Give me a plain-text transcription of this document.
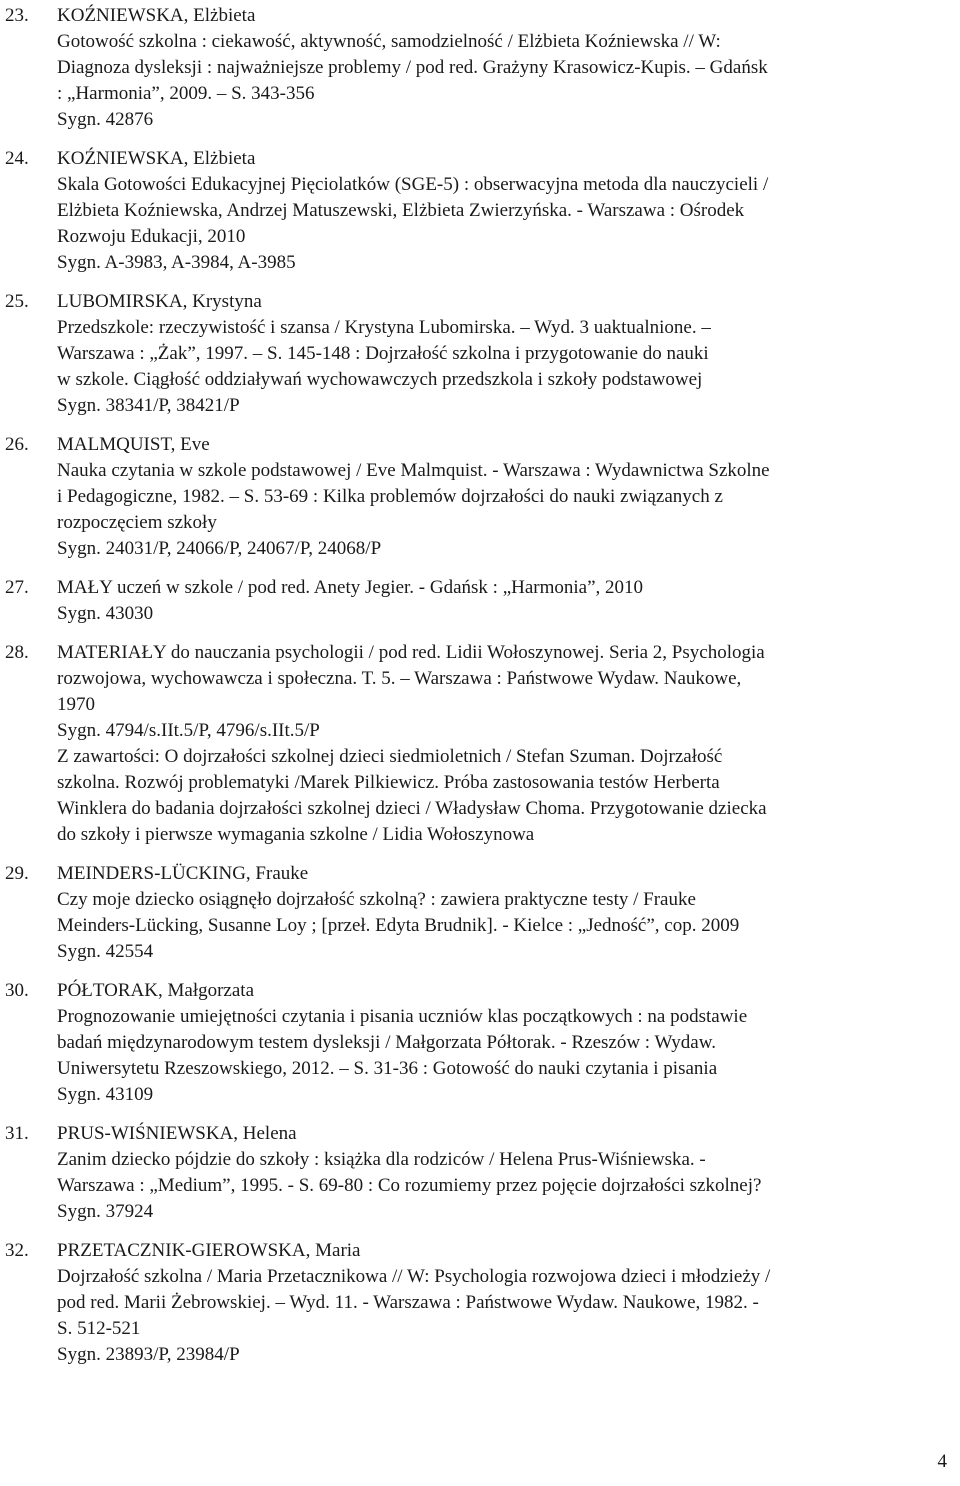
23.	KOŹNIEWSKA, Elżbieta
Gotowość szkolna : ciekawość, aktywność, samodzielność / Elżbieta Koźniewska // W:
Diagnoza dysleksji : najważniejsze problemy / pod red. Grażyny Krasowicz-Kupis. – Gdańsk
: „Harmonia”, 2009. – S. 343-356
Sygn. 42876
24.	KOŹNIEWSKA, Elżbieta
Skala Gotowości Edukacyjnej Pięciolatków (SGE-5) : obserwacyjna metoda dla nauczycieli /
Elżbieta Koźniewska, Andrzej Matuszewski, Elżbieta Zwierzyńska. - Warszawa : Ośrodek
Rozwoju Edukacji, 2010
Sygn. A-3983, A-3984, A-3985
25.	LUBOMIRSKA, Krystyna
Przedszkole: rzeczywistość i szansa / Krystyna Lubomirska. – Wyd. 3 uaktualnione. –
Warszawa : „Żak”, 1997. – S. 145-148 : Dojrzałość szkolna i przygotowanie do nauki
w szkole. Ciągłość oddziaływań wychowawczych przedszkola i szkoły podstawowej
Sygn. 38341/P, 38421/P
26.	MALMQUIST, Eve
Nauka czytania w szkole podstawowej / Eve Malmquist. - Warszawa : Wydawnictwa Szkolne
i Pedagogiczne, 1982. – S. 53-69 : Kilka problemów dojrzałości do nauki związanych z
rozpoczęciem szkoły
Sygn. 24031/P, 24066/P, 24067/P, 24068/P
27.	MAŁY uczeń w szkole / pod red. Anety Jegier. - Gdańsk : „Harmonia”, 2010
Sygn. 43030
28.	MATERIAŁY do nauczania psychologii / pod red. Lidii Wołoszynowej. Seria 2, Psychologia
rozwojowa, wychowawcza i społeczna. T. 5. – Warszawa : Państwowe Wydaw. Naukowe,
1970
Sygn. 4794/s.IIt.5/P, 4796/s.IIt.5/P
Z zawartości: O dojrzałości szkolnej dzieci siedmioletnich / Stefan Szuman. Dojrzałość
szkolna. Rozwój problematyki /Marek Pilkiewicz. Próba zastosowania testów Herberta
Winklera do badania dojrzałości szkolnej dzieci / Władysław Choma. Przygotowanie dziecka
do szkoły i pierwsze wymagania szkolne / Lidia Wołoszynowa
29.	MEINDERS-LÜCKING, Frauke
Czy moje dziecko osiągnęło dojrzałość szkolną? : zawiera praktyczne testy / Frauke
Meinders-Lücking, Susanne Loy ; [przeł. Edyta Brudnik]. - Kielce : „Jedność”, cop. 2009
Sygn. 42554
30.	PÓŁTORAK, Małgorzata
Prognozowanie umiejętności czytania i pisania uczniów klas początkowych : na podstawie
badań międzynarodowym testem dysleksji / Małgorzata Półtorak. - Rzeszów : Wydaw.
Uniwersytetu Rzeszowskiego, 2012. – S. 31-36 : Gotowość do nauki czytania i pisania
Sygn. 43109
31.	PRUS-WIŚNIEWSKA, Helena
Zanim dziecko pójdzie do szkoły : książka dla rodziców / Helena Prus-Wiśniewska. -
Warszawa : „Medium”, 1995. - S. 69-80 : Co rozumiemy przez pojęcie dojrzałości szkolnej?
Sygn. 37924
32.	PRZETACZNIK-GIEROWSKA, Maria
Dojrzałość szkolna / Maria Przetacznikowa // W: Psychologia rozwojowa dzieci i młodzieży /
pod red. Marii Żebrowskiej. – Wyd. 11. - Warszawa : Państwowe Wydaw. Naukowe, 1982. -
S. 512-521
Sygn. 23893/P, 23984/P
4
